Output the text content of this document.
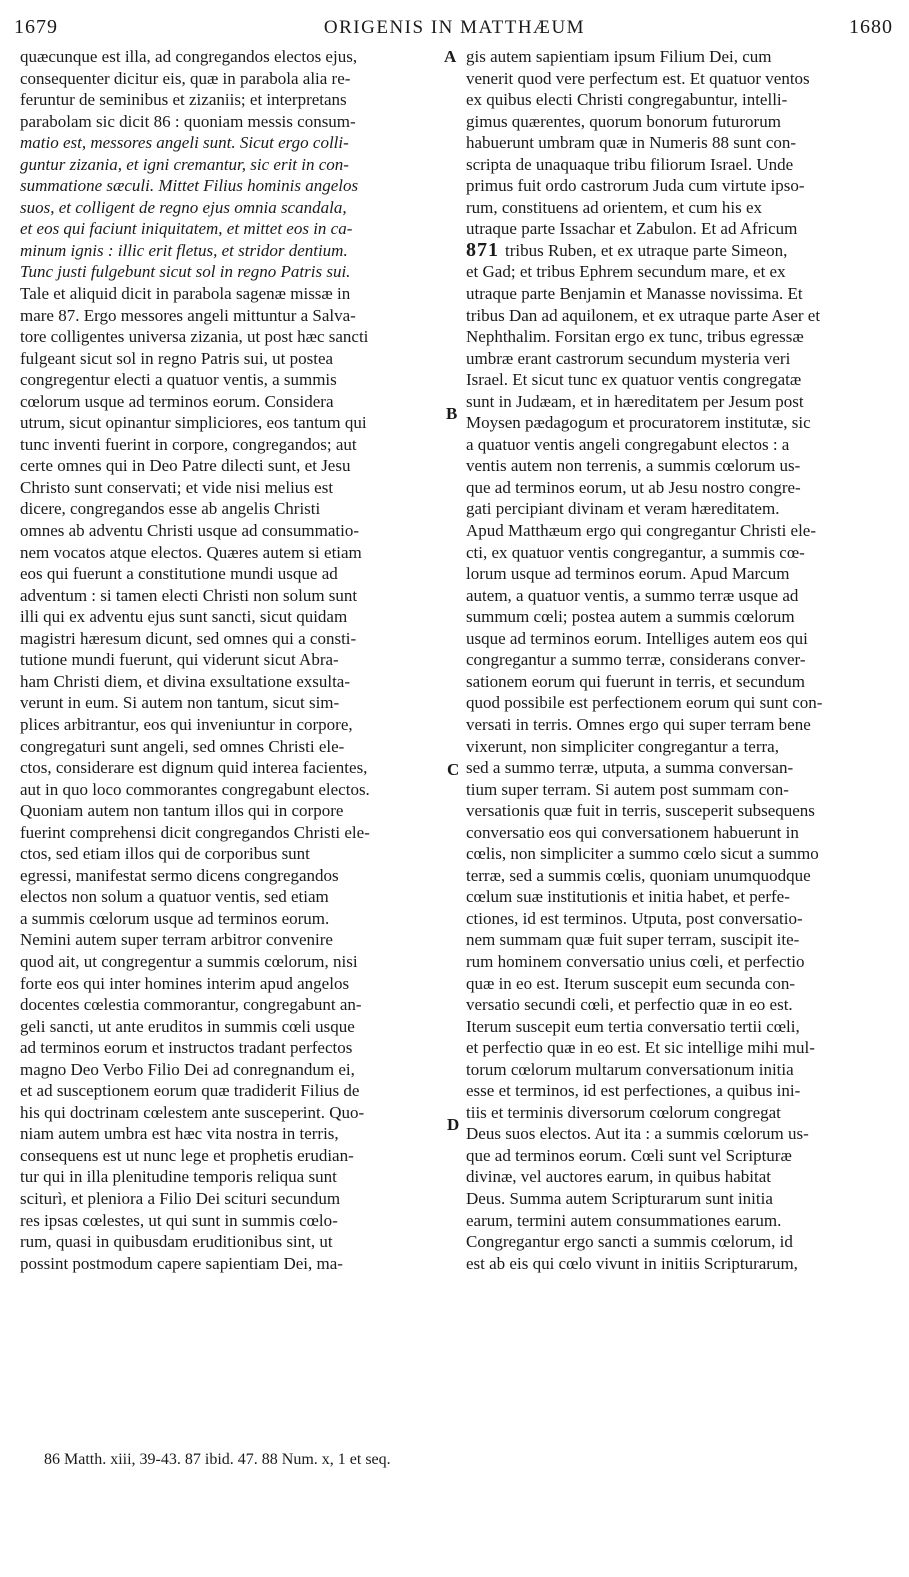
1679	ORIGENIS IN MATTHÆUM	1680
quæcunque est illa, ad congregandos electos ejus,
consequenter dicitur eis, quæ in parabola alia re-
feruntur de seminibus et zizaniis; et interpretans
parabolam sic dicit 86 : quoniam messis consum-
matio est, messores angeli sunt. Sicut ergo colli-
guntur zizania, et igni cremantur, sic erit in con-
summatione sæculi. Mittet Filius hominis angelos
suos, et colligent de regno ejus omnia scandala,
et eos qui faciunt iniquitatem, et mittet eos in ca-
minum ignis : illic erit fletus, et stridor dentium.
Tunc justi fulgebunt sicut sol in regno Patris sui.
Tale et aliquid dicit in parabola sagenæ missæ in
mare 87. Ergo messores angeli mittuntur a Salva-
tore colligentes universa zizania, ut post hæc sancti
fulgeant sicut sol in regno Patris sui, ut postea
congregentur electi a quatuor ventis, a summis
cœlorum usque ad terminos eorum. Considera
utrum, sicut opinantur simpliciores, eos tantum qui
tunc inventi fuerint in corpore, congregandos; aut
certe omnes qui in Deo Patre dilecti sunt, et Jesu
Christo sunt conservati; et vide nisi melius est
dicere, congregandos esse ab angelis Christi
omnes ab adventu Christi usque ad consummatio-
nem vocatos atque electos. Quæres autem si etiam
eos qui fuerunt a constitutione mundi usque ad
adventum : si tamen electi Christi non solum sunt
illi qui ex adventu ejus sunt sancti, sicut quidam
magistri hæresum dicunt, sed omnes qui a consti-
tutione mundi fuerunt, qui viderunt sicut Abra-
ham Christi diem, et divina exsultatione exsulta-
verunt in eum. Si autem non tantum, sicut sim-
plices arbitrantur, eos qui inveniuntur in corpore,
congregaturi sunt angeli, sed omnes Christi ele-
ctos, considerare est dignum quid interea facientes,
aut in quo loco commorantes congregabunt electos.
Quoniam autem non tantum illos qui in corpore
fuerint comprehensi dicit congregandos Christi ele-
ctos, sed etiam illos qui de corporibus sunt
egressi, manifestat sermo dicens congregandos
electos non solum a quatuor ventis, sed etiam
a summis cœlorum usque ad terminos eorum.
Nemini autem super terram arbitror convenire
quod ait, ut congregentur a summis cœlorum, nisi
forte eos qui inter homines interim apud angelos
docentes cœlestia commorantur, congregabunt an-
geli sancti, ut ante eruditos in summis cœli usque
ad terminos eorum et instructos tradant perfectos
magno Deo Verbo Filio Dei ad conregnandum ei,
et ad susceptionem eorum quæ tradiderit Filius de
his qui doctrinam cœlestem ante susceperint. Quo-
niam autem umbra est hæc vita nostra in terris,
consequens est ut nunc lege et prophetis erudian-
tur qui in illa plenitudine temporis reliqua sunt
sciturì, et pleniora a Filio Dei scituri secundum
res ipsas cœlestes, ut qui sunt in summis cœlo-
rum, quasi in quibusdam eruditionibus sint, ut
possint postmodum capere sapientiam Dei, ma-
gis autem sapientiam ipsum Filium Dei, cum
venerit quod vere perfectum est. Et quatuor ventos
ex quibus electi Christi congregabuntur, intelli-
gimus quærentes, quorum bonorum futurorum
habuerunt umbram quæ in Numeris 88 sunt con-
scripta de unaquaque tribu filiorum Israel. Unde
primus fuit ordo castrorum Juda cum virtute ipso-
rum, constituens ad orientem, et cum his ex
utraque parte Issachar et Zabulon. Et ad Africum
871 tribus Ruben, et ex utraque parte Simeon,
et Gad; et tribus Ephrem secundum mare, et ex
utraque parte Benjamin et Manasse novissima. Et
tribus Dan ad aquilonem, et ex utraque parte Aser et
Nephthalim. Forsitan ergo ex tunc, tribus egressæ
umbræ erant castrorum secundum mysteria veri
Israel. Et sicut tunc ex quatuor ventis congregatæ
sunt in Judæam, et in hæreditatem per Jesum post
Moysen pædagogum et procuratorem institutæ, sic
a quatuor ventis angeli congregabunt electos : a
ventis autem non terrenis, a summis cœlorum us-
que ad terminos eorum, ut ab Jesu nostro congre-
gati percipiant divinam et veram hæreditatem.
Apud Matthæum ergo qui congregantur Christi ele-
cti, ex quatuor ventis congregantur, a summis cœ-
lorum usque ad terminos eorum. Apud Marcum
autem, a quatuor ventis, a summo terræ usque ad
summum cœli; postea autem a summis cœlorum
usque ad terminos eorum. Intelliges autem eos qui
congregantur a summo terræ, considerans conver-
sationem eorum qui fuerunt in terris, et secundum
quod possibile est perfectionem eorum qui sunt con-
versati in terris. Omnes ergo qui super terram bene
vixerunt, non simpliciter congregantur a terra,
sed a summo terræ, utputa, a summa conversan-
tium super terram. Si autem post summam con-
versationis quæ fuit in terris, susceperit subsequens
conversatio eos qui conversationem habuerunt in
cœlis, non simpliciter a summo cœlo sicut a summo
terræ, sed a summis cœlis, quoniam unumquodque
cœlum suæ institutionis et initia habet, et perfe-
ctiones, id est terminos. Utputa, post conversatio-
nem summam quæ fuit super terram, suscipit ite-
rum hominem conversatio unius cœli, et perfectio
quæ in eo est. Iterum suscepit eum secunda con-
versatio secundi cœli, et perfectio quæ in eo est.
Iterum suscepit eum tertia conversatio tertii cœli,
et perfectio quæ in eo est. Et sic intellige mihi mul-
torum cœlorum multarum conversationum initia
esse et terminos, id est perfectiones, a quibus ini-
tiis et terminis diversorum cœlorum congregat
Deus suos electos. Aut ita : a summis cœlorum us-
que ad terminos eorum. Cœli sunt vel Scripturæ
divinæ, vel auctores earum, in quibus habitat
Deus. Summa autem Scripturarum sunt initia
earum, termini autem consummationes earum.
Congregantur ergo sancti a summis cœlorum, id
est ab eis qui cœlo vivunt in initiis Scripturarum,
A
B
C
D
86 Matth. xiii, 39-43. 87 ibid. 47. 88 Num. x, 1 et seq.
